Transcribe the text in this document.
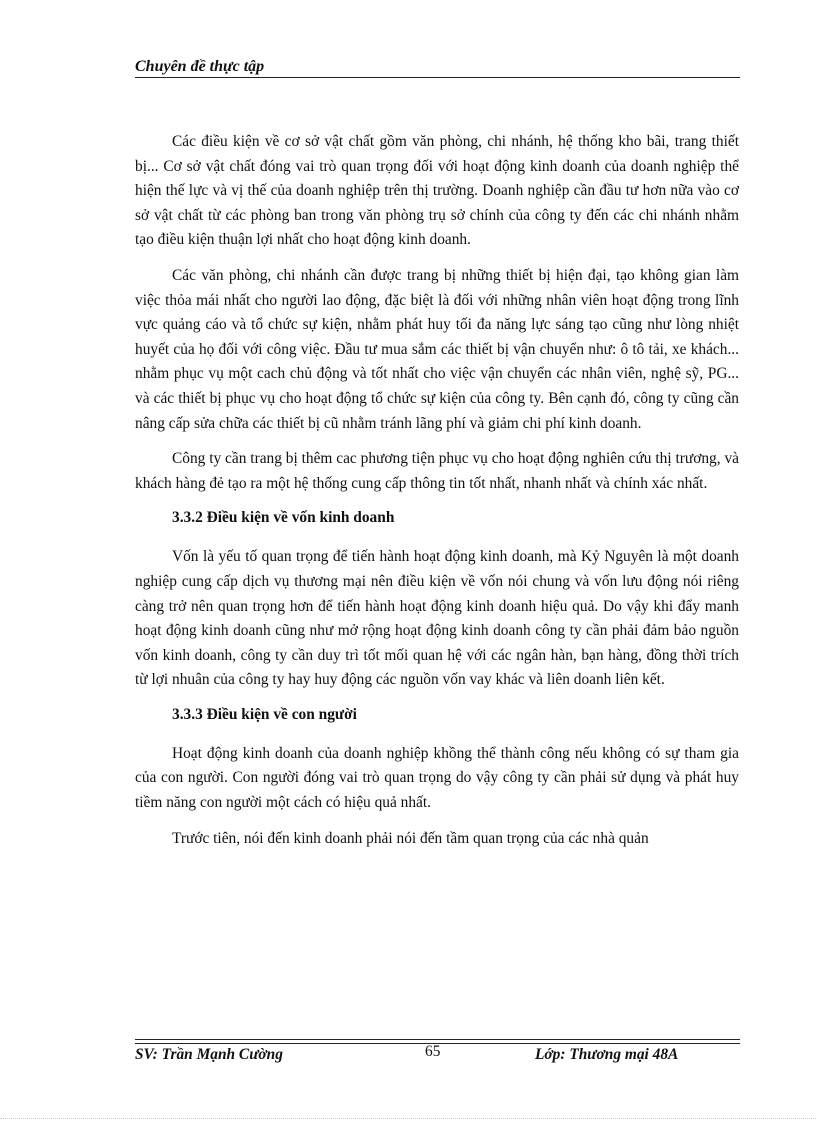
Chuyên đề thực tập

Các điều kiện về cơ sở vật chất gồm văn phòng, chi nhánh, hệ thống kho bãi, trang thiết bị... Cơ sở vật chất đóng vai trò quan trọng đối với hoạt động kinh doanh của doanh nghiệp thể hiện thế lực và vị thế của doanh nghiệp trên thị trường. Doanh nghiệp cần đầu tư hơn nữa vào cơ sở vật chất từ các phòng ban trong văn phòng trụ sở chính của công ty đến các chi nhánh nhằm tạo điều kiện thuận lợi nhất cho hoạt động kinh doanh.

Các văn phòng, chi nhánh cần được trang bị những thiết bị hiện đại, tạo không gian làm việc thỏa mái nhất cho người lao động, đặc biệt là đối với những nhân viên hoạt động trong lĩnh vực quảng cáo và tổ chức sự kiện, nhằm phát huy tối đa năng lực sáng tạo cũng như lòng nhiệt huyết của họ đối với công việc. Đầu tư mua sắm các thiết bị vận chuyển như: ô tô tải, xe khách... nhằm phục vụ một cach chủ động và tốt nhất cho việc vận chuyển các nhân viên, nghệ sỹ, PG... và các thiết bị phục vụ cho hoạt động tổ chức sự kiện của công ty. Bên cạnh đó, công ty cũng cần nâng cấp sửa chữa các thiết bị cũ nhằm tránh lãng phí và giảm chi phí kinh doanh.

Công ty cần trang bị thêm cac phương tiện phục vụ cho hoạt động nghiên cứu thị trương, và khách hàng đẻ tạo ra một hệ thống cung cấp thông tin tốt nhất, nhanh nhất và chính xác nhất.

3.3.2 Điều kiện về vốn kinh doanh

Vốn là yếu tố quan trọng để tiến hành hoạt động kinh doanh, mà Kỷ Nguyên là một doanh nghiệp cung cấp dịch vụ thương mại nên điều kiện về vốn nói chung và vốn lưu động nói riêng càng trở nên quan trọng hơn để tiến hành hoạt động kinh doanh hiệu quả. Do vậy khi đẩy manh hoạt động kinh doanh cũng như mở rộng hoạt động kinh doanh công ty cần phải đảm bảo nguồn vốn kinh doanh, công ty cần duy trì tốt mối quan hệ với các ngân hàn, bạn hàng, đồng thời trích từ lợi nhuân của công ty hay huy động các nguồn vốn vay khác và liên doanh liên kết.

3.3.3 Điều kiện về con người

Hoạt động kinh doanh của doanh nghiệp khồng thể thành công nếu không có sự tham gia của con người. Con người đóng vai trò quan trọng do vậy công ty cần phải sử dụng và phát huy tiềm năng con người một cách có hiệu quả nhất.

Trước tiên, nói đến kinh doanh phải nói đến tầm quan trọng của các nhà quản

SV: Trần Mạnh Cường	65	Lớp: Thương mại 48A
